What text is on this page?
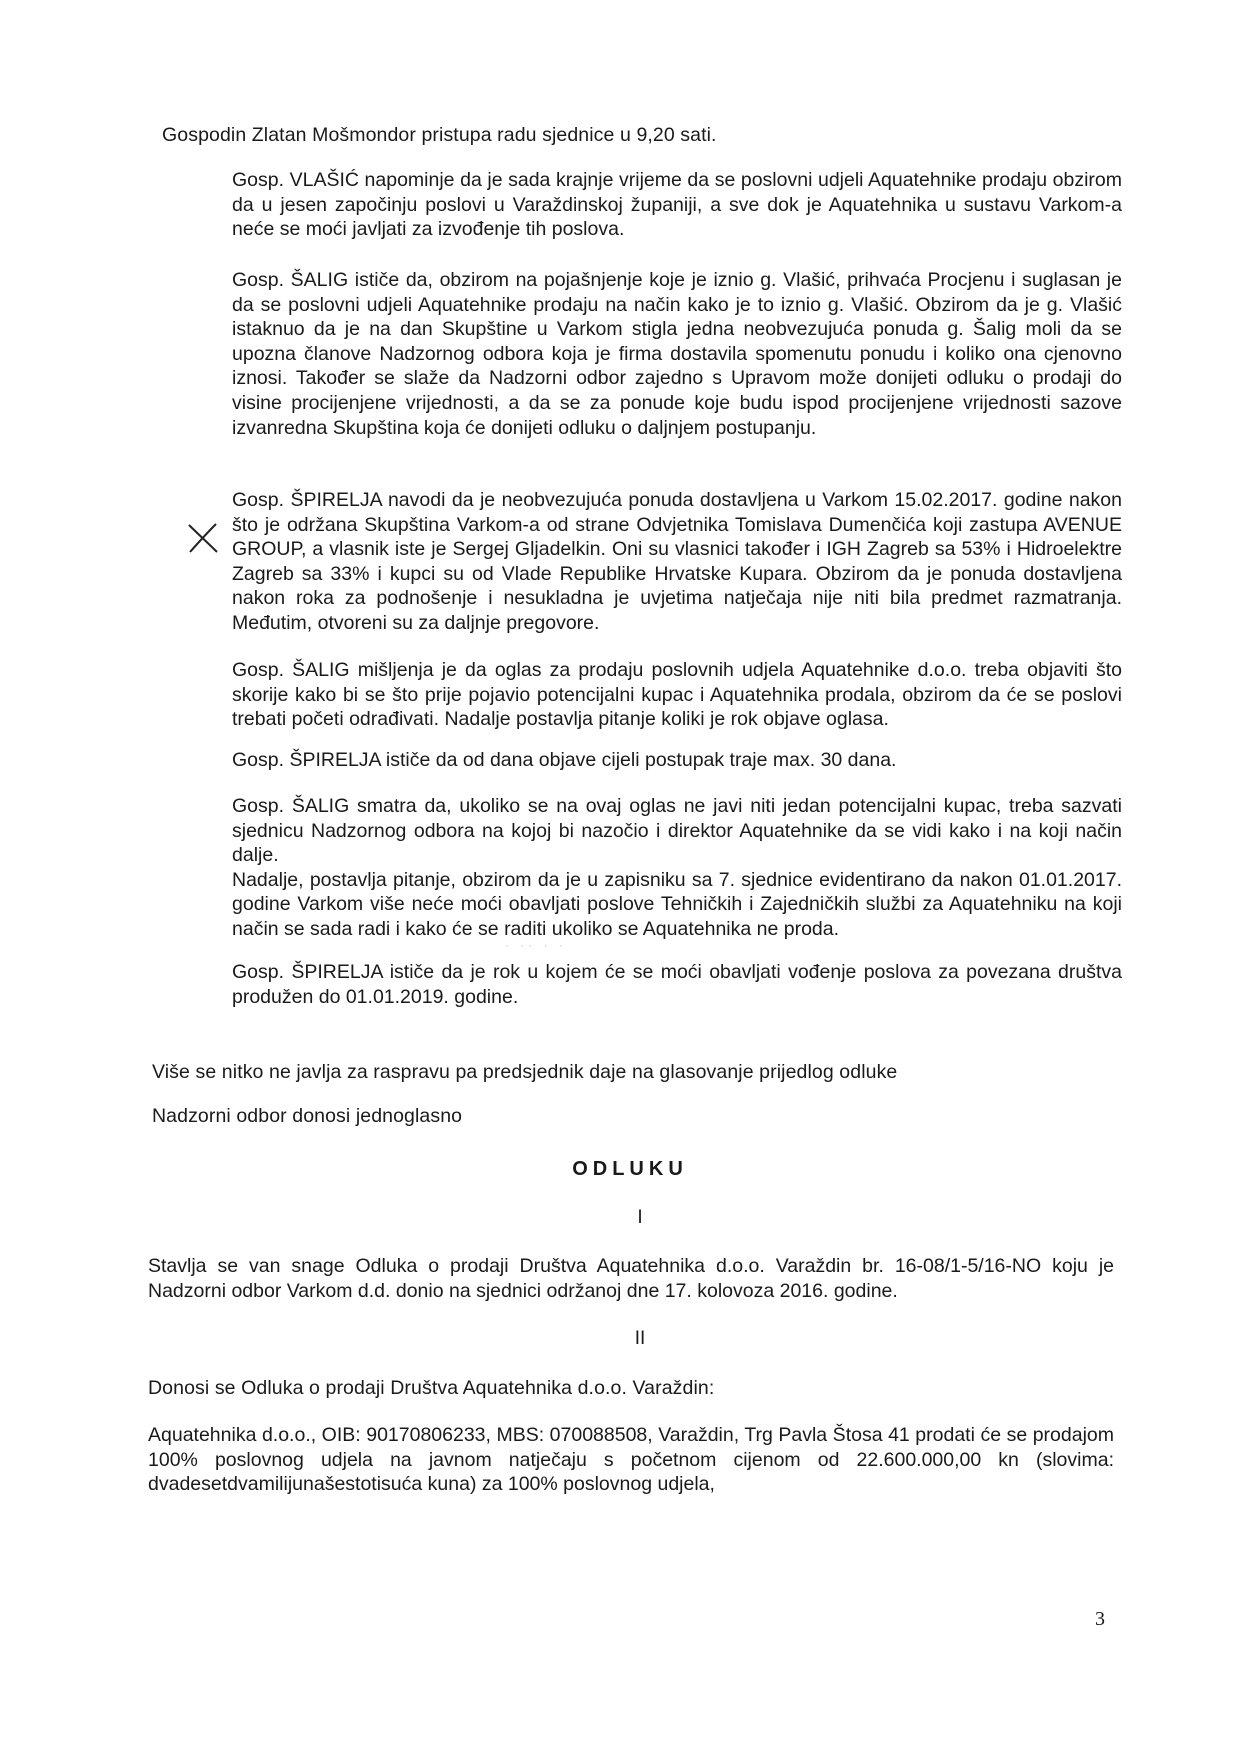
Gospodin Zlatan Mošmondor pristupa radu sjednice u 9,20 sati.

Gosp. VLAŠIĆ napominje da je sada krajnje vrijeme da se poslovni udjeli Aquatehnike prodaju obzirom da u jesen započinju poslovi u Varaždinskoj županiji, a sve dok je Aquatehnika u sustavu Varkom-a neće se moći javljati za izvođenje tih poslova.

Gosp. ŠALIG ističe da, obzirom na pojašnjenje koje je iznio g. Vlašić, prihvaća Procjenu i suglasan je da se poslovni udjeli Aquatehnike prodaju na način kako je to iznio g. Vlašić. Obzirom da je g. Vlašić istaknuo da je na dan Skupštine u Varkom stigla jedna neobvezujuća ponuda g. Šalig moli da se upozna članove Nadzornog odbora koja je firma dostavila spomenutu ponudu i koliko ona cjenovno iznosi. Također se slaže da Nadzorni odbor zajedno s Upravom može donijeti odluku o prodaji do visine procijenjene vrijednosti, a da se za ponude koje budu ispod procijenjene vrijednosti sazove izvanredna Skupština koja će donijeti odluku o daljnjem postupanju.

Gosp. ŠPIRELJA navodi da je neobvezujuća ponuda dostavljena u Varkom 15.02.2017. godine nakon što je održana Skupština Varkom-a od strane Odvjetnika Tomislava Dumenčića koji zastupa AVENUE GROUP, a vlasnik iste je Sergej Gljadelkin. Oni su vlasnici također i IGH Zagreb sa 53% i Hidroelektre Zagreb sa 33% i kupci su od Vlade Republike Hrvatske Kupara. Obzirom da je ponuda dostavljena nakon roka za podnošenje i nesukladna je uvjetima natječaja nije niti bila predmet razmatranja. Međutim, otvoreni su za daljnje pregovore.

Gosp. ŠALIG mišljenja je da oglas za prodaju poslovnih udjela Aquatehnike d.o.o. treba objaviti što skorije kako bi se što prije pojavio potencijalni kupac i Aquatehnika prodala, obzirom da će se poslovi trebati početi odrađivati. Nadalje postavlja pitanje koliki je rok objave oglasa.

Gosp. ŠPIRELJA ističe da od dana objave cijeli postupak traje max. 30 dana.

Gosp. ŠALIG smatra da, ukoliko se na ovaj oglas ne javi niti jedan potencijalni kupac, treba sazvati sjednicu Nadzornog odbora na kojoj bi nazočio i direktor Aquatehnike da se vidi kako i na koji način dalje.

Nadalje, postavlja pitanje, obzirom da je u zapisniku sa 7. sjednice evidentirano da nakon 01.01.2017. godine Varkom više neće moći obavljati poslove Tehničkih i Zajedničkih službi za Aquatehniku na koji način se sada radi i kako će se raditi ukoliko se Aquatehnika ne proda.

· ·· · ·

Gosp. ŠPIRELJA ističe da je rok u kojem će se moći obavljati vođenje poslova za povezana društva produžen do 01.01.2019. godine.

Više se nitko ne javlja za raspravu pa predsjednik daje na glasovanje prijedlog odluke
Nadzorni odbor donosi jednoglasno
ODLUKU
I

Stavlja se van snage Odluka o prodaji Društva Aquatehnika d.o.o. Varaždin br. 16-08/1-5/16-NO koju je Nadzorni odbor Varkom d.d. donio na sjednici održanoj dne 17. kolovoza 2016. godine.

II
Donosi se Odluka o prodaji Društva Aquatehnika d.o.o. Varaždin:

Aquatehnika d.o.o., OIB: 90170806233, MBS: 070088508, Varaždin, Trg Pavla Štosa 41 prodati će se prodajom 100% poslovnog udjela na javnom natječaju s početnom cijenom od 22.600.000,00 kn (slovima: dvadesetdvamilijunašestotisuća kuna) za 100% poslovnog udjela,

3
